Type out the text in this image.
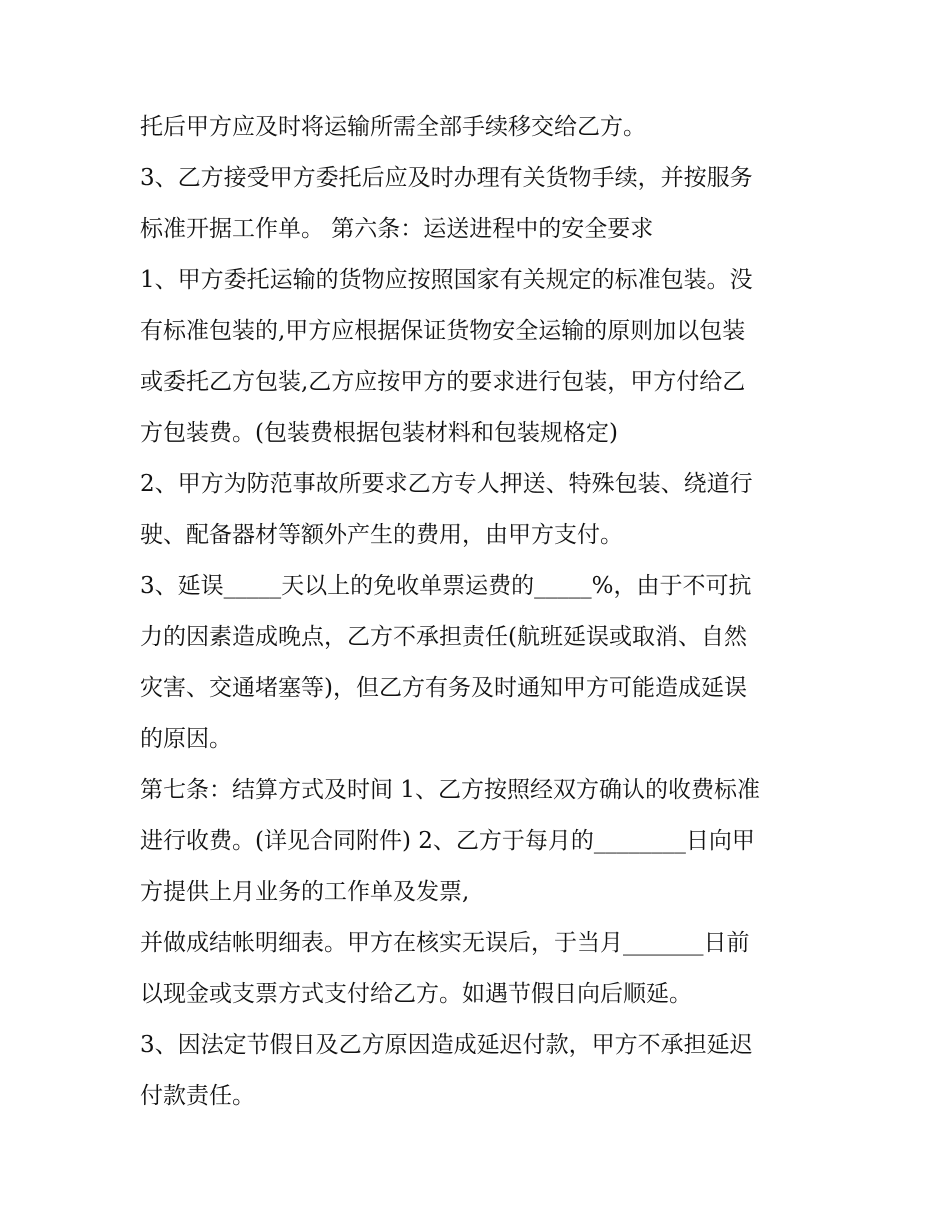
托后甲方应及时将运输所需全部手续移交给乙方。
3、乙方接受甲方委托后应及时办理有关货物手续，并按服务
标准开据工作单。 第六条：运送进程中的安全要求
1、甲方委托运输的货物应按照国家有关规定的标准包装。没
有标准包装的,甲方应根据保证货物安全运输的原则加以包装
或委托乙方包装,乙方应按甲方的要求进行包装，甲方付给乙
方包装费。(包装费根据包装材料和包装规格定)
2、甲方为防范事故所要求乙方专人押送、特殊包装、绕道行
驶、配备器材等额外产生的费用，由甲方支付。
3、延误_____天以上的免收单票运费的_____%，由于不可抗
力的因素造成晚点，乙方不承担责任(航班延误或取消、自然
灾害、交通堵塞等)，但乙方有务及时通知甲方可能造成延误
的原因。
第七条：结算方式及时间 1、乙方按照经双方确认的收费标准
进行收费。(详见合同附件) 2、乙方于每月的________日向甲
方提供上月业务的工作单及发票,
并做成结帐明细表。甲方在核实无误后，于当月_______日前
以现金或支票方式支付给乙方。如遇节假日向后顺延。
3、因法定节假日及乙方原因造成延迟付款，甲方不承担延迟
付款责任。
